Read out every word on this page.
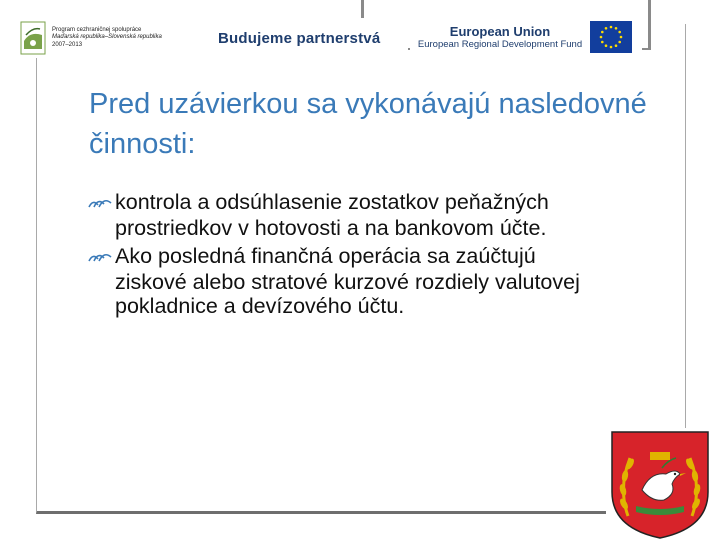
Program cezhraničnej spolupráce
Maďarská republika–Slovenská republika
2007–2013	Budujeme partnerstvá	European Union
European Regional Development Fund
Pred uzávierkou sa vykonávajú nasledovné činnosti:
kontrola a odsúhlasenie zostatkov peňažných prostriedkov v hotovosti a na bankovom účte.
Ako posledná finančná operácia sa zaúčtujú ziskové alebo stratové kurzové rozdiely valutovej pokladnice a devízového účtu.
